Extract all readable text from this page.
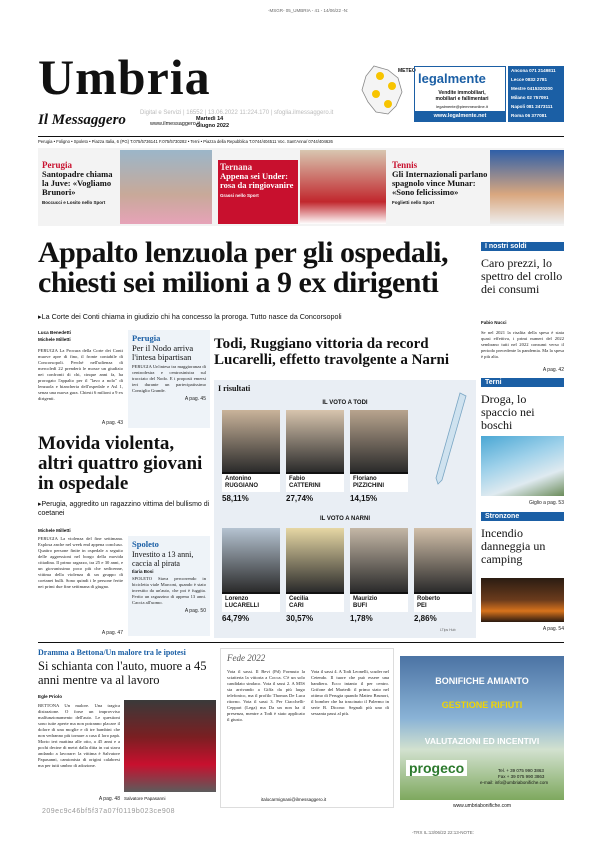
-MSGR- 05_UMBRIA - 41 - 14/06/22 -N:
Umbria
Il Messaggero	www.ilmessaggero.it
Martedì 14
Giugno 2022
Digital e Servizi | 16552 | 13.06.2022 11:224.170 | sfoglia.ilmessaggero.it
METEO legalmente
Vendite immobiliari,
mobiliari e fallimentari
legalmente@piemmeonline.it
www.legalmente.net
Ancona 071 2149811
Lecce 0832 2781
Mestre 0415320200
Milano 02 757091
Napoli 081 2473111
Roma 06 377081
Perugia • Foligno • Spoleto • Piazza Italia, 6 (PG) T.075/5736141 F.075/5730282 • Terni • Piazza della Repubblica T.0744/404511 Voc. Sant'Anna/ 0744/404626
Perugia
Santopadre chiama la Juve: «Vogliamo Brunori»
Boccucci e Losito nello Sport
Ternana
Appena sei Under: rosa da ringiovanire
Grassi nello Sport
Tennis
Gli Internazionali parlano spagnolo vince Munar: «Sono felicissimo»
Foglietti nello Sport
Appalto lenzuola per gli ospedali,
chiesti sei milioni a 9 ex dirigenti
▸La Corte dei Conti chiama in giudizio chi ha concesso la proroga. Tutto nasce da Concorsopoli
I nostri soldi
Caro prezzi, lo spettro del crollo dei consumi
Fabio Nucci
Se nel 2021 la risalita della spesa è stata quasi effettiva, i primi numeri del 2022 sembrano tutti nel 2022 consumi verso il periodo precedente la pandemia. Ma la spesa è più alta.
A pag. 42
Terni
Droga, lo spaccio nei boschi
Giglio a pag. 53
Stronzone
Incendio danneggia un camping
A pag. 54
Luca Benedetti
Michele Milletti
PERUGIA La Procura della Corte dei Conti muove apre di fino, il fronte contabile di Concorsopoli. Perché nell'udienza di mercoledì 22 prenderà le mosse un giudizio nei confronti di chi, cinque anni fa, ha prorogato l'appalto per il "lavo a nolo" di lenzuola e biancheria dell'ospedale e Asl 1, senza una nuova gara. Chiesti 6 milioni a 9 ex dirigenti.
A pag. 43
Perugia
Per il Nodo arriva l'intesa bipartisan
PERUGIA Un'intesa tra maggioranza di centrodestra e centrosinistra sul tracciato del Nodo. E i proposti emersi ieri durante un partecipatissimo Consiglio Grande.
A pag. 45
Todi, Ruggiano vittoria da record
Lucarelli, effetto travolgente a Narni
I risultati
IL VOTO A TODI
Antonino
RUGGIANO
58,11%
Fabio
CATTERINI
27,74%
Floriano
PIZZICHINI
14,15%
IL VOTO A NARNI
Lorenzo
LUCARELLI
64,79%
Cecilia
CARI
30,57%
Maurizio
BUFI
1,78%
Roberto
PEI
2,86%
LTips Hub
Movida violenta,
altri quattro giovani
in ospedale
▸Perugia, aggredito un ragazzino vittima del bullismo di coetanei
Michele Milletti
PERUGIA La violenza del fine settimana. Esplosa anche nel week end appena concluso. Quattro persone finite in ospedale a seguito delle aggressioni nel borgo della movida cittadina. Il primo ragazzo, tra 25 e 30 anni, e un giovanissimo poco più che sedicenne, vittima della violenza di un gruppo di coetanei bulli. Sono quindi i le persone ferite nei primi due fine settimana di giugno.
A pag. 47
Spoleto
Investito a 13 anni, caccia al pirata
Ilaria Bosi
SPOLETO Stava percorrendo in bicicletta viale Marconi, quando è stato investito da un'auto, che poi è fuggita. Ferito un ragazzino di appena 13 anni. Caccia all'uomo.
A pag. 50
Dramma a Bettona/Un malore tra le ipotesi
Si schianta con l'auto, muore a 45 anni mentre va al lavoro
Egle Priolo
BETTONA Un malore. Una tragica distrazione. O forse un improvviso malfunzionamento dell'auto. Le questioni sono tutte aperte ma non potranno placare il dolore di una moglie e di tre bambini che non vedranno più tornare a casa il loro papà. Morto ieri mattina alle otto, a 45 anni e a pochi decine di metri dalla ditta in cui stava andando a lavorare: la vittima è Salvatore Papasanni, camionista di origini calabresi ma per tutti umbro di adozione.
A pag. 48 Salvatore Papasanni
Fede 2022
Vota il sassi. Il Bevi (Pd) Formuto la sciatteria la vittoria a Cocca. C'è un solo candidato sindaco. Vota il sassi 2. A M5S sta arrivando a Giffa da più largo telefonico, ma il profilo Thomas De Luca ritorno. Vota il sassi 3. Per Ciacchelli-Ceppari (Lega) ma Da un non ha il presenza, mentre a Todi è stato applicato il giusto.
Vota il sassi 4. A Todi Leonelli, scuder nel Cetendo. Il tuore che può essere una bandiera. Ecco intanto il per centro. Grifone del Martedì: il primo stato nel ottimo di Perugia quando Matteo Brunori, il bomber che ha trascinato il Palermo in serie B. Dicono: Segnali più uno di sessanta passi al più.
italocarmignani@ilmessaggero.it
BONIFICHE AMIANTO
GESTIONE RIFIUTI
VALUTAZIONI ED INCENTIVI
progeco	Tel. + 39 075 990 3863
Fax + 39 075 990 3863
e-mail: info@umbriabonifiche.com
www.umbriabonifiche.com
209ec9c46bf5f37a07f0119b023ce908
-TRX IL:13/06/22 22:13-NOTE:
